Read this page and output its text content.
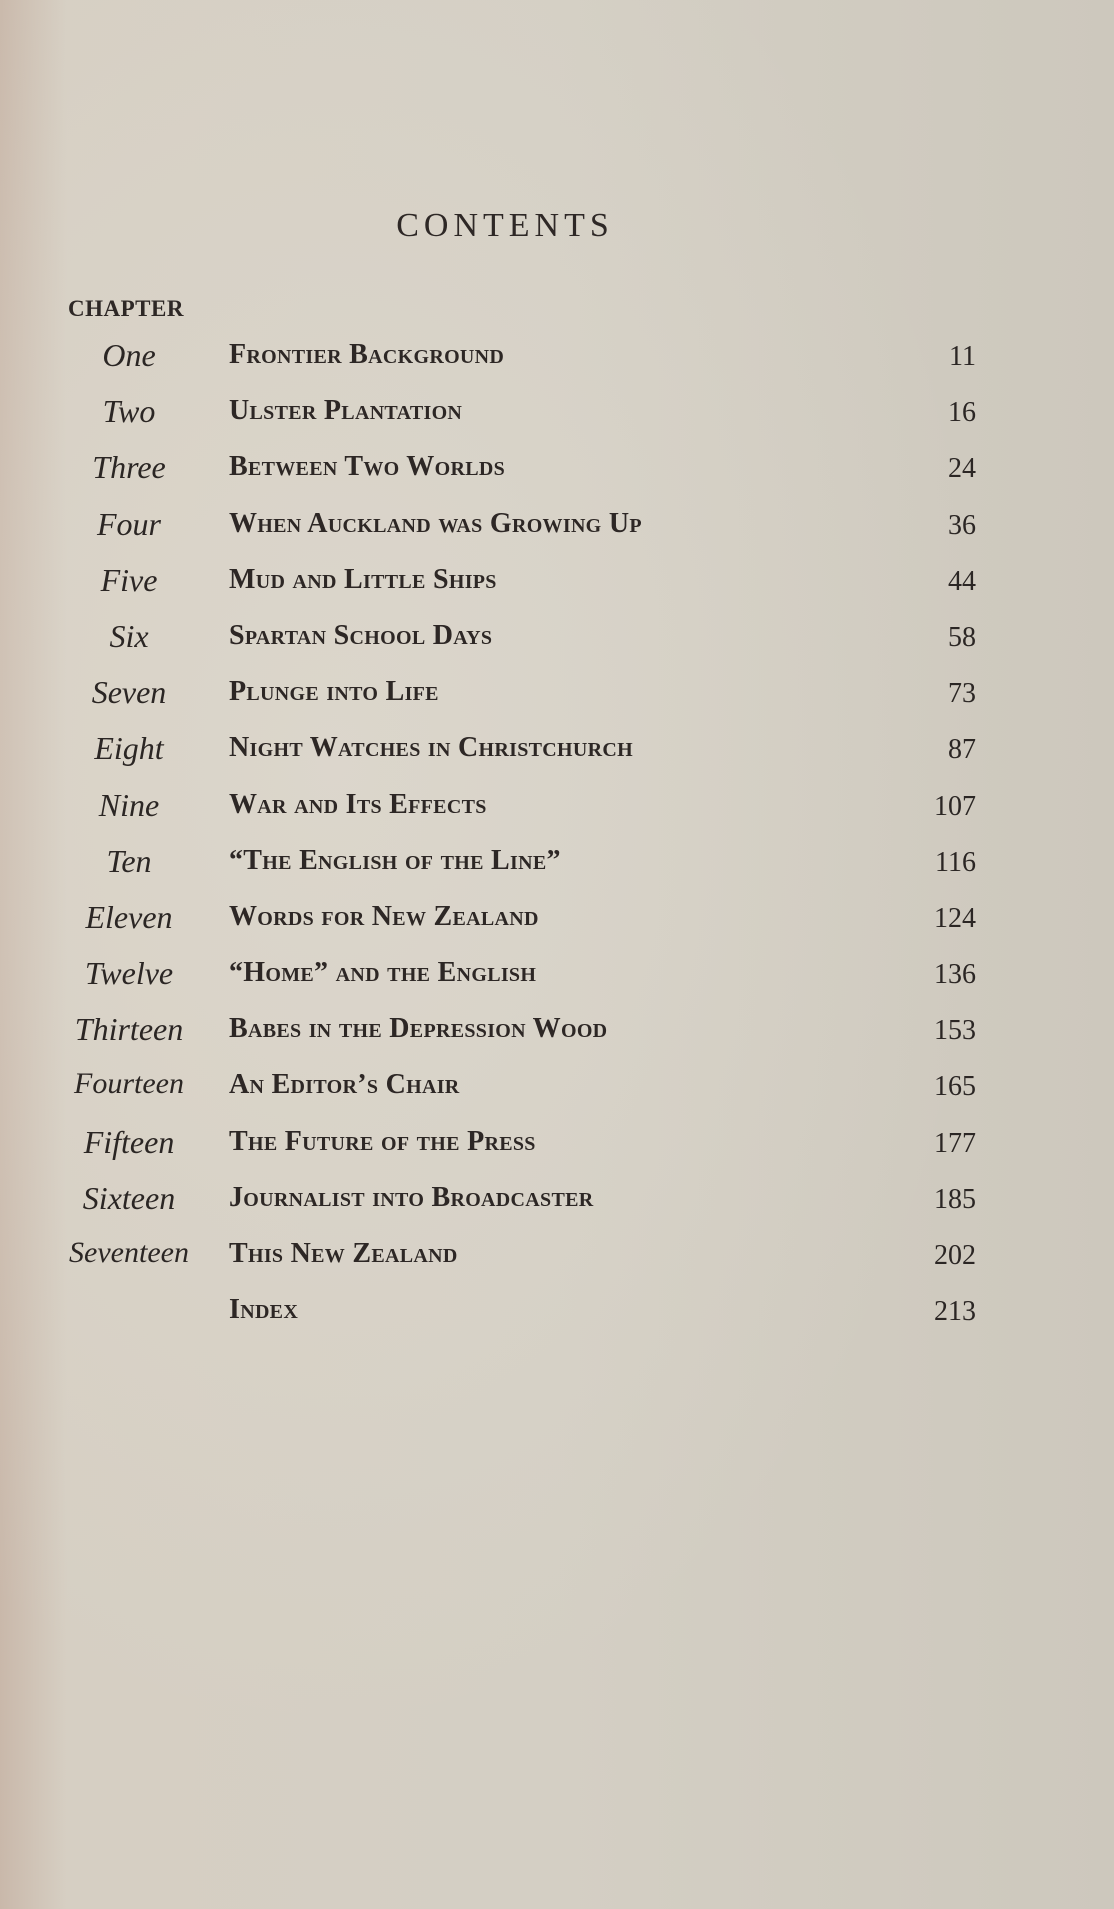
CONTENTS
CHAPTER
One	Frontier Background	11
Two	Ulster Plantation	16
Three	Between Two Worlds	24
Four	When Auckland was Growing Up	36
Five	Mud and Little Ships	44
Six	Spartan School Days	58
Seven	Plunge into Life	73
Eight	Night Watches in Christchurch	87
Nine	War and Its Effects	107
Ten	“The English of the Line”	116
Eleven	Words for New Zealand	124
Twelve	“Home” and the English	136
Thirteen	Babes in the Depression Wood	153
Fourteen	An Editor’s Chair	165
Fifteen	The Future of the Press	177
Sixteen	Journalist into Broadcaster	185
Seventeen	This New Zealand	202
Index	213
